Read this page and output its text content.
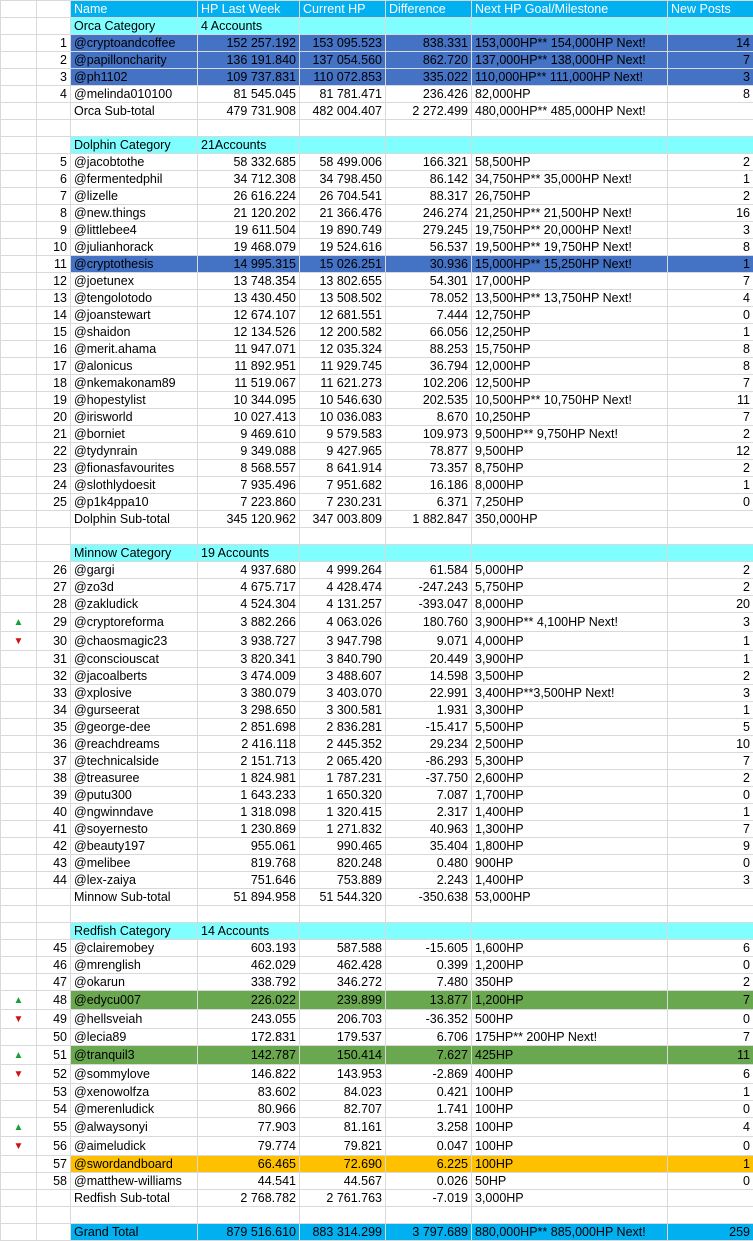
		Name	HP Last Week	Current HP	Difference	Next HP Goal/Milestone	New Posts
		Orca Category	4 Accounts				
	1	@cryptoandcoffee	152 257.192	153 095.523	838.331	153,000HP** 154,000HP Next!	14
	2	@papilloncharity	136 191.840	137 054.560	862.720	137,000HP** 138,000HP Next!	7
	3	@ph1102	109 737.831	110 072.853	335.022	110,000HP** 111,000HP Next!	3
	4	@melinda010100	81 545.045	81 781.471	236.426	82,000HP	8
		Orca Sub-total	479 731.908	482 004.407	2 272.499	480,000HP** 485,000HP Next!	

		Dolphin Category	21Accounts				
	5	@jacobtothe	58 332.685	58 499.006	166.321	58,500HP	2
	6	@fermentedphil	34 712.308	34 798.450	86.142	34,750HP** 35,000HP Next!	1
	7	@lizelle	26 616.224	26 704.541	88.317	26,750HP	2
	8	@new.things	21 120.202	21 366.476	246.274	21,250HP** 21,500HP Next!	16
	9	@littlebee4	19 611.504	19 890.749	279.245	19,750HP** 20,000HP Next!	3
	10	@julianhorack	19 468.079	19 524.616	56.537	19,500HP** 19,750HP Next!	8
	11	@cryptothesis	14 995.315	15 026.251	30.936	15,000HP** 15,250HP Next!	1
	12	@joetunex	13 748.354	13 802.655	54.301	17,000HP	7
	13	@tengolotodo	13 430.450	13 508.502	78.052	13,500HP** 13,750HP Next!	4
	14	@joanstewart	12 674.107	12 681.551	7.444	12,750HP	0
	15	@shaidon	12 134.526	12 200.582	66.056	12,250HP	1
	16	@merit.ahama	11 947.071	12 035.324	88.253	15,750HP	8
	17	@alonicus	11 892.951	11 929.745	36.794	12,000HP	8
	18	@nkemakonam89	11 519.067	11 621.273	102.206	12,500HP	7
	19	@hopestylist	10 344.095	10 546.630	202.535	10,500HP** 10,750HP Next!	11
	20	@irisworld	10 027.413	10 036.083	8.670	10,250HP	7
	21	@borniet	9 469.610	9 579.583	109.973	9,500HP** 9,750HP Next!	2
	22	@tydynrain	9 349.088	9 427.965	78.877	9,500HP	12
	23	@fionasfavourites	8 568.557	8 641.914	73.357	8,750HP	2
	24	@slothlydoesit	7 935.496	7 951.682	16.186	8,000HP	1
	25	@p1k4ppa10	7 223.860	7 230.231	6.371	7,250HP	0
		Dolphin Sub-total	345 120.962	347 003.809	1 882.847	350,000HP	

		Minnow Category	19 Accounts				
	26	@gargi	4 937.680	4 999.264	61.584	5,000HP	2
	27	@zo3d	4 675.717	4 428.474	-247.243	5,750HP	2
	28	@zakludick	4 524.304	4 131.257	-393.047	8,000HP	20
▲	29	@cryptoreforma	3 882.266	4 063.026	180.760	3,900HP** 4,100HP Next!	3
▼	30	@chaosmagic23	3 938.727	3 947.798	9.071	4,000HP	1
	31	@consciouscat	3 820.341	3 840.790	20.449	3,900HP	1
	32	@jacoalberts	3 474.009	3 488.607	14.598	3,500HP	2
	33	@xplosive	3 380.079	3 403.070	22.991	3,400HP**3,500HP Next!	3
	34	@gurseerat	3 298.650	3 300.581	1.931	3,300HP	1
	35	@george-dee	2 851.698	2 836.281	-15.417	5,500HP	5
	36	@reachdreams	2 416.118	2 445.352	29.234	2,500HP	10
	37	@technicalside	2 151.713	2 065.420	-86.293	5,300HP	7
	38	@treasuree	1 824.981	1 787.231	-37.750	2,600HP	2
	39	@putu300	1 643.233	1 650.320	7.087	1,700HP	0
	40	@ngwinndave	1 318.098	1 320.415	2.317	1,400HP	1
	41	@soyernesto	1 230.869	1 271.832	40.963	1,300HP	7
	42	@beauty197	955.061	990.465	35.404	1,800HP	9
	43	@melibee	819.768	820.248	0.480	900HP	0
	44	@lex-zaiya	751.646	753.889	2.243	1,400HP	3
		Minnow Sub-total	51 894.958	51 544.320	-350.638	53,000HP	

		Redfish Category	14 Accounts				
	45	@clairemobey	603.193	587.588	-15.605	1,600HP	6
	46	@mrenglish	462.029	462.428	0.399	1,200HP	0
	47	@okarun	338.792	346.272	7.480	350HP	2
▲	48	@edycu007	226.022	239.899	13.877	1,200HP	7
▼	49	@hellsveiah	243.055	206.703	-36.352	500HP	0
	50	@lecia89	172.831	179.537	6.706	175HP** 200HP Next!	7
▲	51	@tranquil3	142.787	150.414	7.627	425HP	11
▼	52	@sommylove	146.822	143.953	-2.869	400HP	6
	53	@xenowolfza	83.602	84.023	0.421	100HP	1
	54	@merenludick	80.966	82.707	1.741	100HP	0
▲	55	@alwaysonyi	77.903	81.161	3.258	100HP	4
▼	56	@aimeludick	79.774	79.821	0.047	100HP	0
	57	@swordandboard	66.465	72.690	6.225	100HP	1
	58	@matthew-williams	44.541	44.567	0.026	50HP	0
		Redfish Sub-total	2 768.782	2 761.763	-7.019	3,000HP	

		Grand Total	879 516.610	883 314.299	3 797.689	880,000HP** 885,000HP Next!	259
